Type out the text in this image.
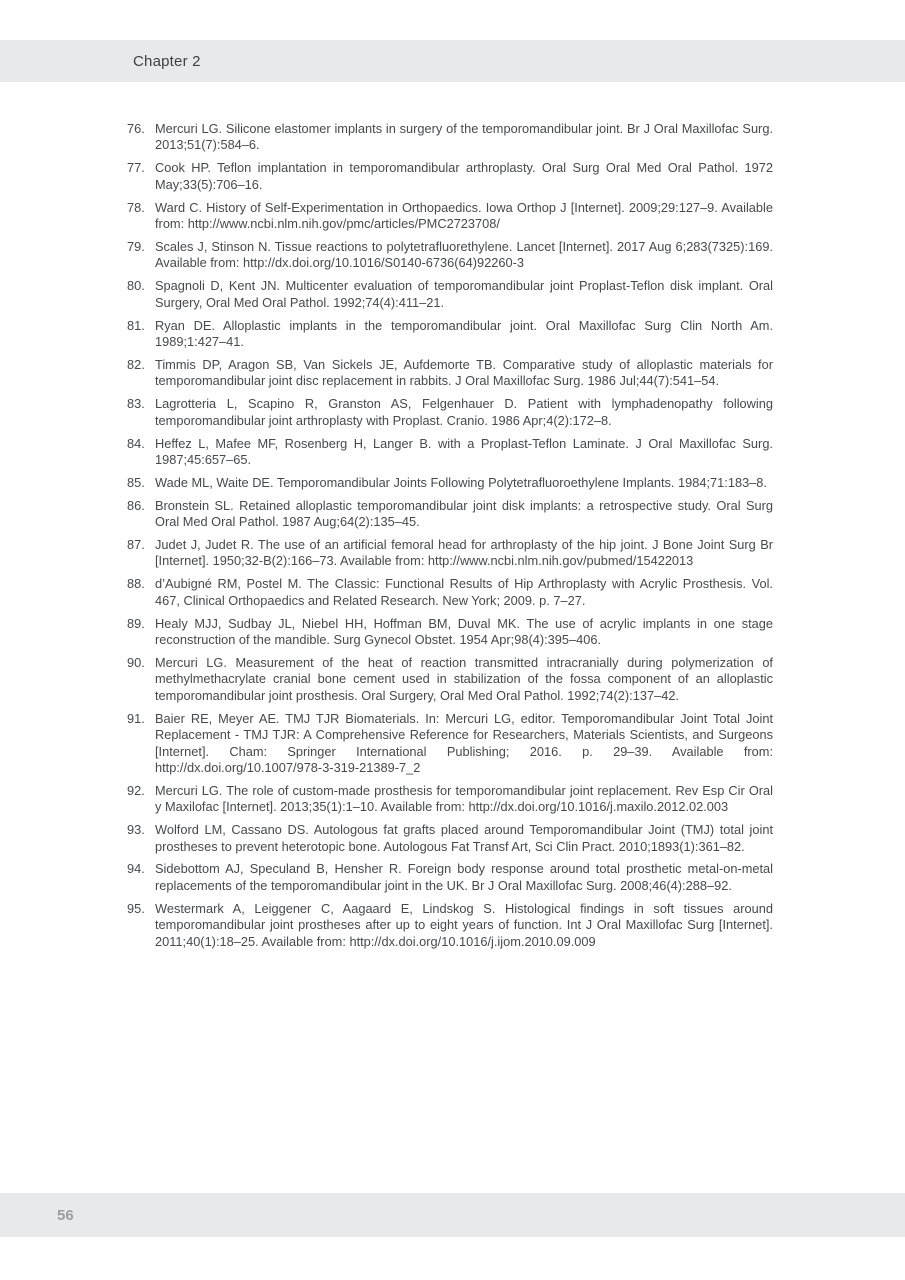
Chapter 2
76. Mercuri LG. Silicone elastomer implants in surgery of the temporomandibular joint. Br J Oral Maxillofac Surg. 2013;51(7):584–6.
77. Cook HP. Teflon implantation in temporomandibular arthroplasty. Oral Surg Oral Med Oral Pathol. 1972 May;33(5):706–16.
78. Ward C. History of Self-Experimentation in Orthopaedics. Iowa Orthop J [Internet]. 2009;29:127–9. Available from: http://www.ncbi.nlm.nih.gov/pmc/articles/PMC2723708/
79. Scales J, Stinson N. Tissue reactions to polytetrafluorethylene. Lancet [Internet]. 2017 Aug 6;283(7325):169. Available from: http://dx.doi.org/10.1016/S0140-6736(64)92260-3
80. Spagnoli D, Kent JN. Multicenter evaluation of temporomandibular joint Proplast-Teflon disk implant. Oral Surgery, Oral Med Oral Pathol. 1992;74(4):411–21.
81. Ryan DE. Alloplastic implants in the temporomandibular joint. Oral Maxillofac Surg Clin North Am. 1989;1:427–41.
82. Timmis DP, Aragon SB, Van Sickels JE, Aufdemorte TB. Comparative study of alloplastic materials for temporomandibular joint disc replacement in rabbits. J Oral Maxillofac Surg. 1986 Jul;44(7):541–54.
83. Lagrotteria L, Scapino R, Granston AS, Felgenhauer D. Patient with lymphadenopathy following temporomandibular joint arthroplasty with Proplast. Cranio. 1986 Apr;4(2):172–8.
84. Heffez L, Mafee MF, Rosenberg H, Langer B. with a Proplast-Teflon Laminate. J Oral Maxillofac Surg. 1987;45:657–65.
85. Wade ML, Waite DE. Temporomandibular Joints Following Polytetrafluoroethylene Implants. 1984;71:183–8.
86. Bronstein SL. Retained alloplastic temporomandibular joint disk implants: a retrospective study. Oral Surg Oral Med Oral Pathol. 1987 Aug;64(2):135–45.
87. Judet J, Judet R. The use of an artificial femoral head for arthroplasty of the hip joint. J Bone Joint Surg Br [Internet]. 1950;32-B(2):166–73. Available from: http://www.ncbi.nlm.nih.gov/pubmed/15422013
88. d’Aubigné RM, Postel M. The Classic: Functional Results of Hip Arthroplasty with Acrylic Prosthesis. Vol. 467, Clinical Orthopaedics and Related Research. New York; 2009. p. 7–27.
89. Healy MJJ, Sudbay JL, Niebel HH, Hoffman BM, Duval MK. The use of acrylic implants in one stage reconstruction of the mandible. Surg Gynecol Obstet. 1954 Apr;98(4):395–406.
90. Mercuri LG. Measurement of the heat of reaction transmitted intracranially during polymerization of methylmethacrylate cranial bone cement used in stabilization of the fossa component of an alloplastic temporomandibular joint prosthesis. Oral Surgery, Oral Med Oral Pathol. 1992;74(2):137–42.
91. Baier RE, Meyer AE. TMJ TJR Biomaterials. In: Mercuri LG, editor. Temporomandibular Joint Total Joint Replacement - TMJ TJR: A Comprehensive Reference for Researchers, Materials Scientists, and Surgeons [Internet]. Cham: Springer International Publishing; 2016. p. 29–39. Available from: http://dx.doi.org/10.1007/978-3-319-21389-7_2
92. Mercuri LG. The role of custom-made prosthesis for temporomandibular joint replacement. Rev Esp Cir Oral y Maxilofac [Internet]. 2013;35(1):1–10. Available from: http://dx.doi.org/10.1016/j.maxilo.2012.02.003
93. Wolford LM, Cassano DS. Autologous fat grafts placed around Temporomandibular Joint (TMJ) total joint prostheses to prevent heterotopic bone. Autologous Fat Transf Art, Sci Clin Pract. 2010;1893(1):361–82.
94. Sidebottom AJ, Speculand B, Hensher R. Foreign body response around total prosthetic metal-on-metal replacements of the temporomandibular joint in the UK. Br J Oral Maxillofac Surg. 2008;46(4):288–92.
95. Westermark A, Leiggener C, Aagaard E, Lindskog S. Histological findings in soft tissues around temporomandibular joint prostheses after up to eight years of function. Int J Oral Maxillofac Surg [Internet]. 2011;40(1):18–25. Available from: http://dx.doi.org/10.1016/j.ijom.2010.09.009
56
